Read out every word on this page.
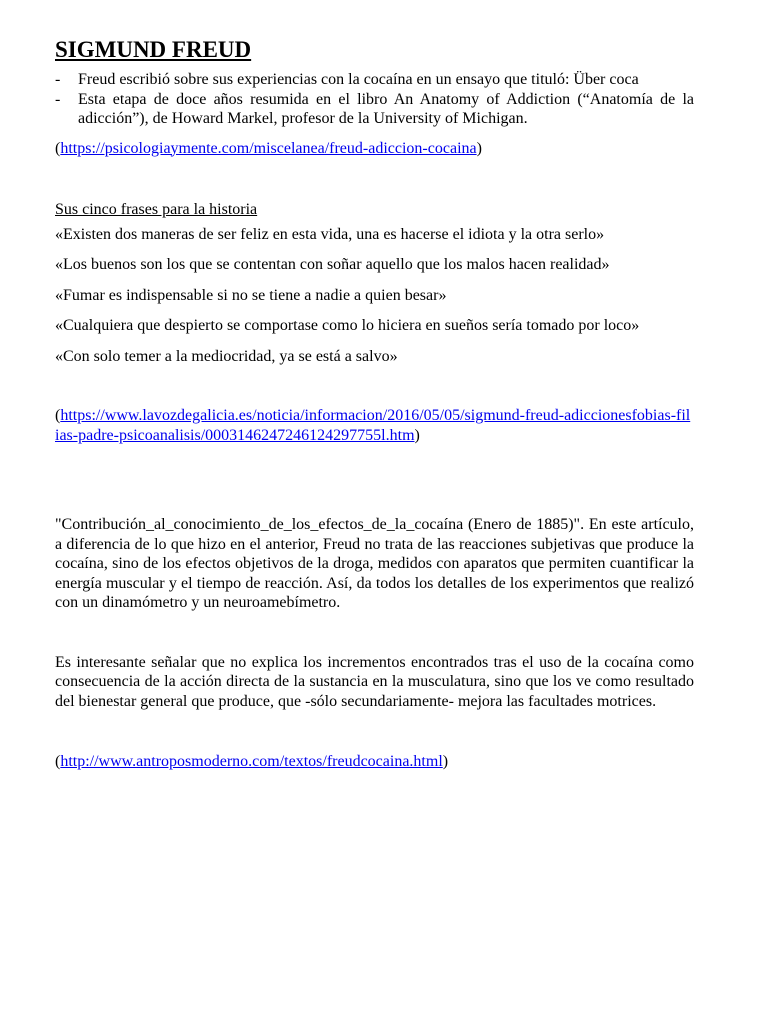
SIGMUND FREUD
- Freud escribió sobre sus experiencias con la cocaína en un ensayo que tituló: Über coca
- Esta etapa de doce años resumida en el libro An Anatomy of Addiction (“Anatomía de la adicción”), de Howard Markel, profesor de la University of Michigan.

(https://psicologiaymente.com/miscelanea/freud-adiccion-cocaina)

Sus cinco frases para la historia

«Existen dos maneras de ser feliz en esta vida, una es hacerse el idiota y la otra serlo»

«Los buenos son los que se contentan con soñar aquello que los malos hacen realidad»

«Fumar es indispensable si no se tiene a nadie a quien besar»

«Cualquiera que despierto se comportase como lo hiciera en sueños sería tomado por loco»

«Con solo temer a la mediocridad, ya se está a salvo»

(https://www.lavozdegalicia.es/noticia/informacion/2016/05/05/sigmund-freud-adiccionesfobias-filias-padre-psicoanalisis/0003146247246124297755l.htm)

"Contribución_al_conocimiento_de_los_efectos_de_la_cocaína (Enero de 1885)". En este artículo, a diferencia de lo que hizo en el anterior, Freud no trata de las reacciones subjetivas que produce la cocaína, sino de los efectos objetivos de la droga, medidos con aparatos que permiten cuantificar la energía muscular y el tiempo de reacción. Así, da todos los detalles de los experimentos que realizó con un dinamómetro y un neuroamebímetro.

Es interesante señalar que no explica los incrementos encontrados tras el uso de la cocaína como consecuencia de la acción directa de la sustancia en la musculatura, sino que los ve como resultado del bienestar general que produce, que -sólo secundariamente- mejora las facultades motrices.

(http://www.antroposmoderno.com/textos/freudcocaina.html)
